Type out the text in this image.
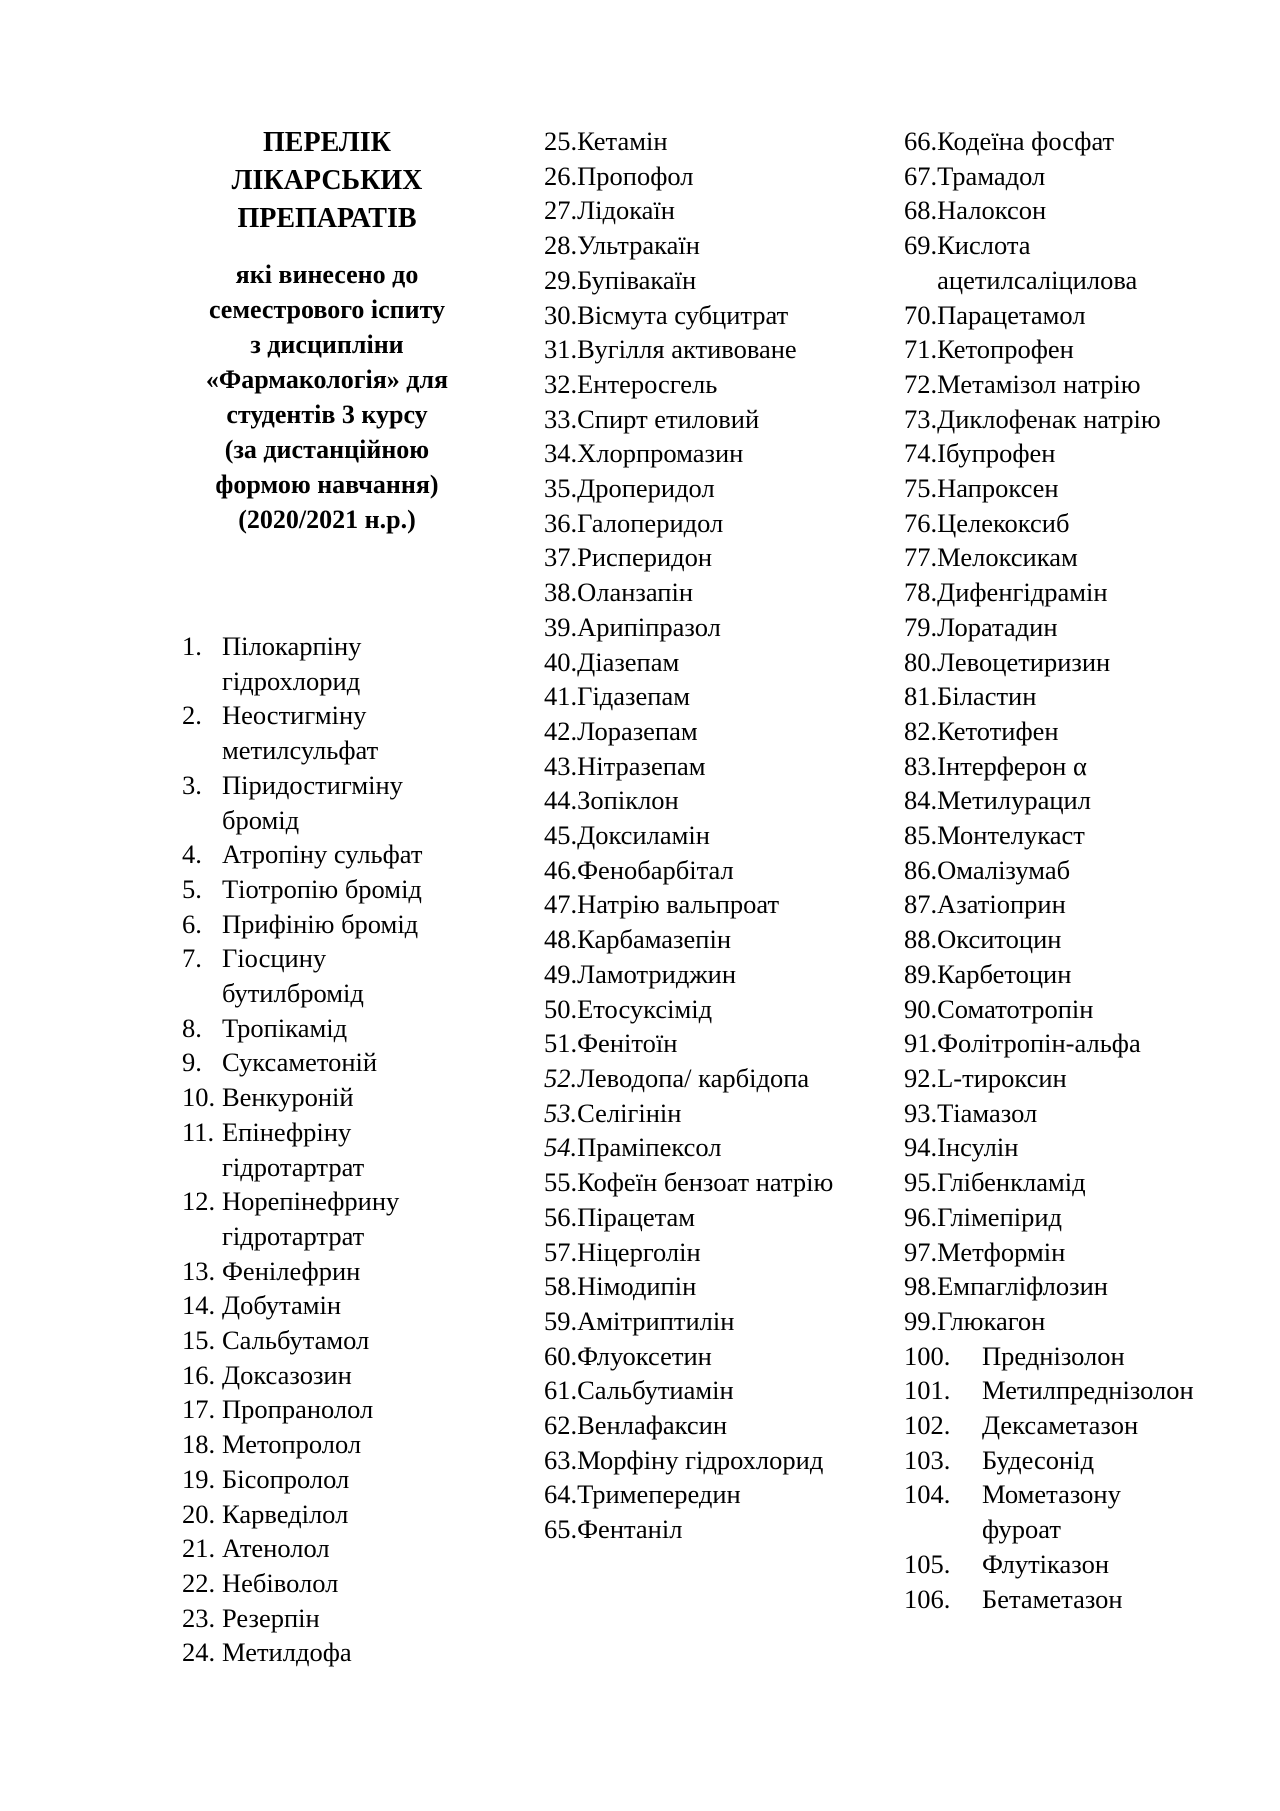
ПЕРЕЛІК
ЛІКАРСЬКИХ
ПРЕПАРАТІВ
які винесено до
семестрового іспиту
з дисципліни
«Фармакологія» для
студентів 3 курсу
(за дистанційною
формою навчання)
(2020/2021 н.р.)
1. Пілокарпіну гідрохлорид
2. Неостигміну метилсульфат
3. Піридостигміну бромід
4. Атропіну сульфат
5. Тіотропію бромід
6. Прифінію бромід
7. Гіосцину бутилбромід
8. Тропікамід
9. Суксаметоній
10. Венкуроній
11. Епінефріну гідротартрат
12. Норепінефрину гідротартрат
13. Фенілефрин
14. Добутамін
15. Сальбутамол
16. Доксазозин
17. Пропранолол
18. Метопролол
19. Бісопролол
20. Карведілол
21. Атенолол
22. Небіволол
23. Резерпін
24. Метилдофа
25. Кетамін
26. Пропофол
27. Лідокаїн
28. Ультракаїн
29. Бупівакаїн
30. Вісмута субцитрат
31. Вугілля активоване
32. Ентеросгель
33. Спирт етиловий
34. Хлорпромазин
35. Дроперидол
36. Галоперидол
37. Рисперидон
38. Оланзапін
39. Арипіпразол
40. Діазепам
41. Гідазепам
42. Лоразепам
43. Нітразепам
44. Зопіклон
45. Доксиламін
46. Фенобарбітал
47. Натрію вальпроат
48. Карбамазепін
49. Ламотриджин
50. Етосуксімід
51. Фенітоїн
52. Леводопа/ карбідопа
53. Селігінін
54. Праміпексол
55. Кофеїн бензоат натрію
56. Пірацетам
57. Ніцерголін
58. Німодипін
59. Амітриптилін
60. Флуоксетин
61. Сальбутиамін
62. Венлафаксин
63. Морфіну гідрохлорид
64. Тримепередин
65. Фентаніл
66. Кодеїна фосфат
67. Трамадол
68. Налоксон
69. Кислота ацетилсаліцилова
70. Парацетамол
71. Кетопрофен
72. Метамізол натрію
73. Диклофенак натрію
74. Ібупрофен
75. Напроксен
76. Целекоксиб
77. Мелоксикам
78. Дифенгідрамін
79. Лоратадин
80. Левоцетиризин
81. Біластин
82. Кетотифен
83. Інтерферон α
84. Метилурацил
85. Монтелукаст
86. Омалізумаб
87. Азатіоприн
88. Окситоцин
89. Карбетоцин
90. Соматотропін
91. Фолітропін-альфа
92. L-тироксин
93. Тіамазол
94. Інсулін
95. Глібенкламід
96. Глімепірид
97. Метформін
98. Емпагліфлозин
99. Глюкагон
100.	Преднізолон
101.	Метилпреднізолон
102.	Дексаметазон
103.	Будесонід
104.	Мометазону фуроат
105.	Флутіказон
106.	Бетаметазон
